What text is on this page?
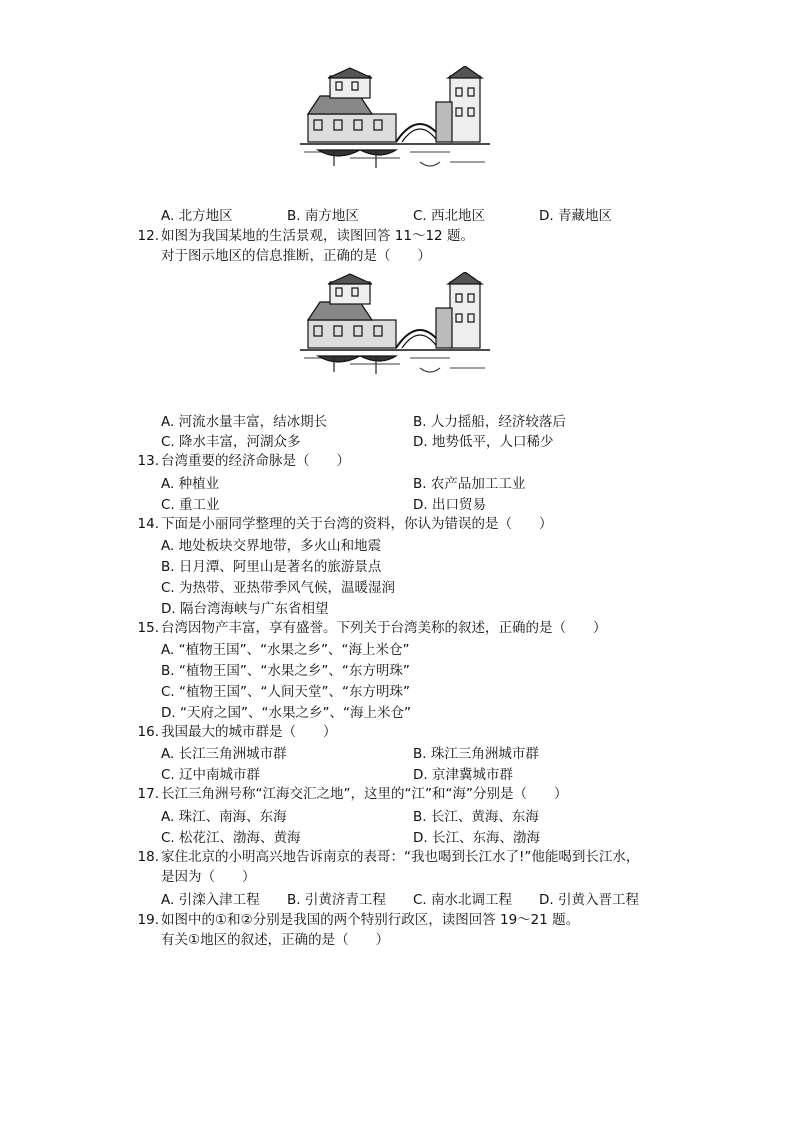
A. 北方地区	B. 南方地区	C. 西北地区	D. 青藏地区
12. 如图为我国某地的生活景观，读图回答 11～12 题。
对于图示地区的信息推断，正确的是（　　）
A. 河流水量丰富，结冰期长	B. 人力摇船，经济较落后
C. 降水丰富，河湖众多	D. 地势低平，人口稀少
13. 台湾重要的经济命脉是（　　）
A. 种植业	B. 农产品加工工业
C. 重工业	D. 出口贸易
14. 下面是小丽同学整理的关于台湾的资料，你认为错误的是（　　）
A. 地处板块交界地带，多火山和地震
B. 日月潭、阿里山是著名的旅游景点
C. 为热带、亚热带季风气候，温暖湿润
D. 隔台湾海峡与广东省相望
15. 台湾因物产丰富，享有盛誉。下列关于台湾美称的叙述，正确的是（　　）
A. “植物王国”、“水果之乡”、“海上米仓”
B. “植物王国”、“水果之乡”、“东方明珠”
C. “植物王国”、“人间天堂”、“东方明珠”
D. “天府之国”、“水果之乡”、“海上米仓”
16. 我国最大的城市群是（　　）
A. 长江三角洲城市群	B. 珠江三角洲城市群
C. 辽中南城市群	D. 京津冀城市群
17. 长江三角洲号称“江海交汇之地”，这里的“江”和“海”分别是（　　）
A. 珠江、南海、东海	B. 长江、黄海、东海
C. 松花江、渤海、黄海	D. 长江、东海、渤海
18. 家住北京的小明高兴地告诉南京的表哥：“我也喝到长江水了!”他能喝到长江水，
是因为（　　）
A. 引滦入津工程 B. 引黄济青工程 C. 南水北调工程 D. 引黄入晋工程
19. 如图中的①和②分别是我国的两个特别行政区，读图回答 19～21 题。
有关①地区的叙述，正确的是（　　）
